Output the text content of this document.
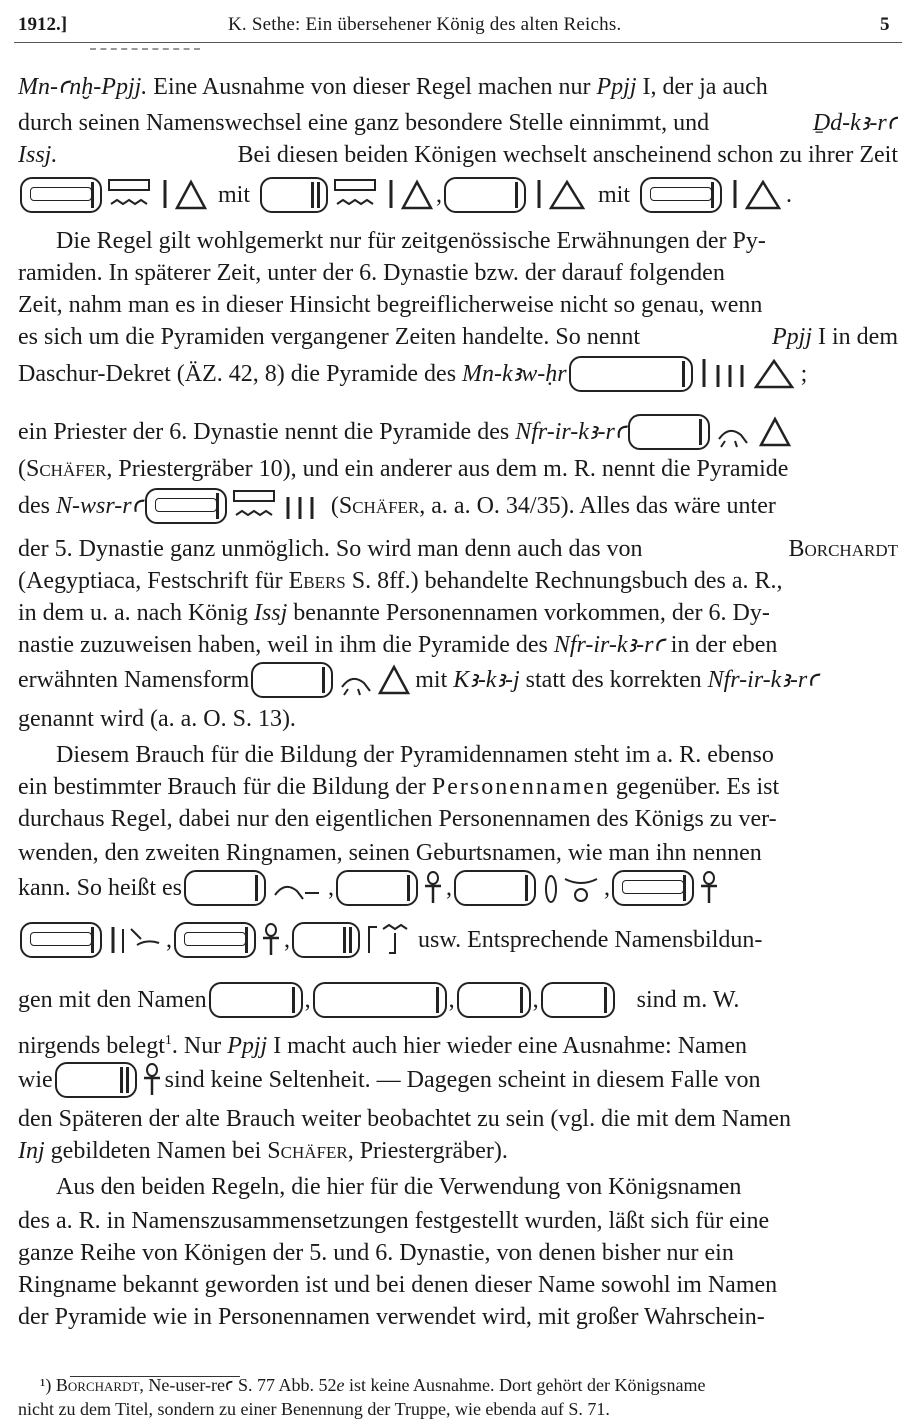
1912.]	K. Sethe: Ein übersehener König des alten Reichs.	5
Mn-ꜥnḫ-Ppjj. Eine Ausnahme von dieser Regel machen nur Ppjj I, der ja auch
durch seinen Namenswechsel eine ganz besondere Stelle einnimmt, und	Ḏd-kꜣ-rꜥ
Issj.	Bei diesen beiden Königen wechselt anscheinend schon zu ihrer Zeit
mit	,	mit	.
Die Regel gilt wohlgemerkt nur für zeitgenössische Erwähnungen der Py-
ramiden. In späterer Zeit, unter der 6. Dynastie bzw. der darauf folgenden
Zeit, nahm man es in dieser Hinsicht begreiflicherweise nicht so genau, wenn
es sich um die Pyramiden vergangener Zeiten handelte. So nennt	Ppjj I in dem
Daschur-Dekret (ÄZ. 42, 8) die Pyramide des
Mn-kꜣw-ḥr	;
ein Priester der 6. Dynastie nennt die Pyramide des
Nfr-ir-kꜣ-rꜥ
(Schäfer, Priestergräber 10), und ein anderer aus dem m. R. nennt die Pyramide
des
N-wsr-rꜥ	(Schäfer, a. a. O. 34/35). Alles das wäre unter
der 5. Dynastie ganz unmöglich. So wird man denn auch das von	Borchardt
(Aegyptiaca, Festschrift für Ebers S. 8ff.) behandelte Rechnungsbuch des a. R.,
in dem u. a. nach König Issj benannte Personennamen vorkommen, der 6. Dy-
nastie zuzuweisen haben, weil in ihm die Pyramide des Nfr-ir-kꜣ-rꜥ in der eben
erwähnten Namensform	mit Kꜣ-kꜣ-j statt des korrekten Nfr-ir-kꜣ-rꜥ
genannt wird (a. a. O. S. 13).
Diesem Brauch für die Bildung der Pyramidennamen steht im a. R. ebenso
ein bestimmter Brauch für die Bildung der Personennamen gegenüber. Es ist
durchaus Regel, dabei nur den eigentlichen Personennamen des Königs zu ver-
wenden, den zweiten Ringnamen, seinen Geburtsnamen, wie man ihn nennen
kann. So heißt es	,	,	,
,	,	usw. Entsprechende Namensbildun-
gen mit den Namen	,	,	,	sind m. W.
nirgends belegt$^1$. Nur Ppjj I macht auch hier wieder eine Ausnahme: Namen
wie	sind keine Seltenheit. — Dagegen scheint in diesem Falle von
den Späteren der alte Brauch weiter beobachtet zu sein (vgl. die mit dem Namen
Inj gebildeten Namen bei Schäfer, Priestergräber).
Aus den beiden Regeln, die hier für die Verwendung von Königsnamen
des a. R. in Namenszusammensetzungen festgestellt wurden, läßt sich für eine
ganze Reihe von Königen der 5. und 6. Dynastie, von denen bisher nur ein
Ringname bekannt geworden ist und bei denen dieser Name sowohl im Namen
der Pyramide wie in Personennamen verwendet wird, mit großer Wahrschein-
¹) Borchardt, Ne-user-reꜥ S. 77 Abb. 52e ist keine Ausnahme. Dort gehört der Königsname
nicht zu dem Titel, sondern zu einer Benennung der Truppe, wie ebenda auf S. 71.
